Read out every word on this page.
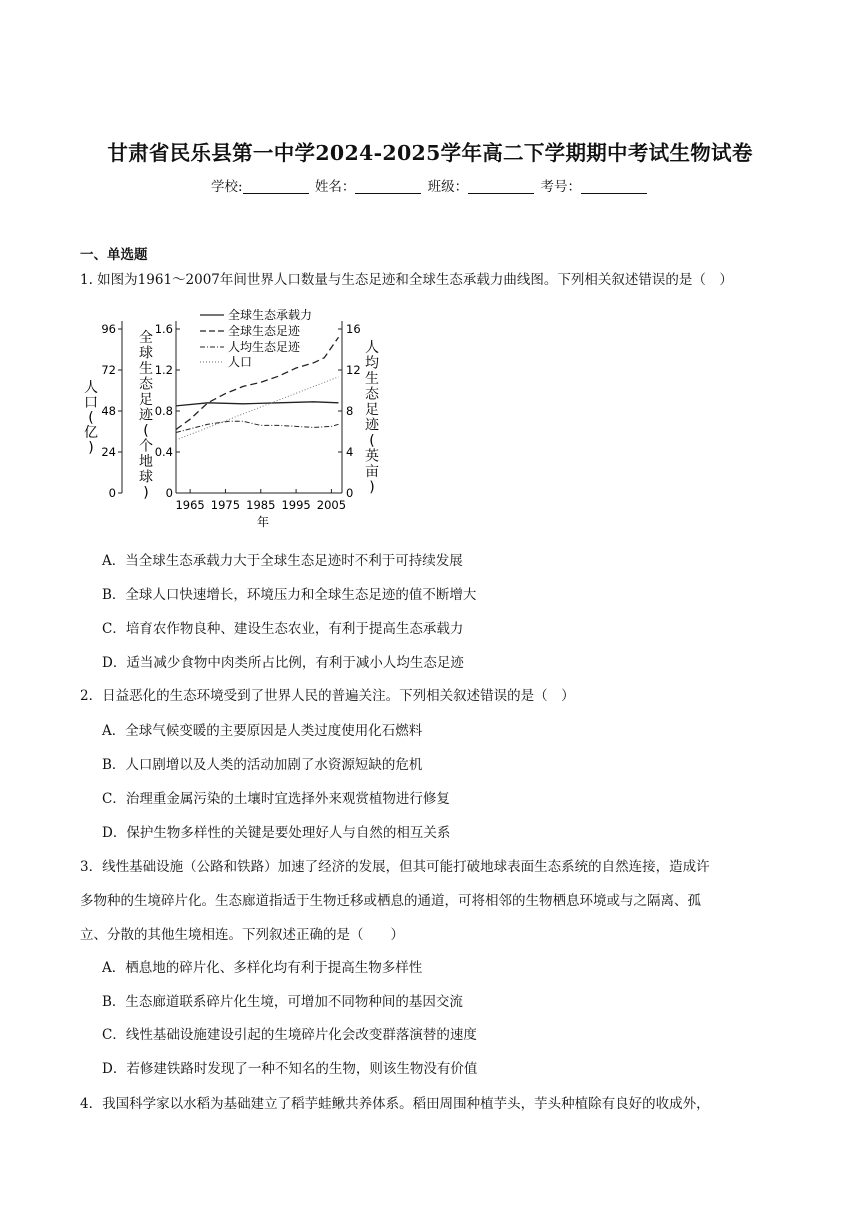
甘肃省民乐县第一中学2024-2025学年高二下学期期中考试生物试卷
学校:	姓名：	班级：	考号：
一、单选题
1. 如图为1961～2007年间世界人口数量与生态足迹和全球生态承载力曲线图。下列相关叙述错误的是（　）
人口(亿)
全球生态足迹(个地球)
人均生态足迹(英亩)
年
全球生态承载力
全球生态足迹
人均生态足迹
人口
0
24
48
72
96
0
0.4
0.8
1.2
1.6
0
4
8
12
16
1965 1975 1985 1995 2005
A．当全球生态承载力大于全球生态足迹时不利于可持续发展
B．全球人口快速增长，环境压力和全球生态足迹的值不断增大
C．培育农作物良种、建设生态农业，有利于提高生态承载力
D．适当减少食物中肉类所占比例，有利于减小人均生态足迹
2．日益恶化的生态环境受到了世界人民的普遍关注。下列相关叙述错误的是（　）
A．全球气候变暖的主要原因是人类过度使用化石燃料
B．人口剧增以及人类的活动加剧了水资源短缺的危机
C．治理重金属污染的土壤时宜选择外来观赏植物进行修复
D．保护生物多样性的关键是要处理好人与自然的相互关系
3．线性基础设施（公路和铁路）加速了经济的发展，但其可能打破地球表面生态系统的自然连接，造成许
多物种的生境碎片化。生态廊道指适于生物迁移或栖息的通道，可将相邻的生物栖息环境或与之隔离、孤
立、分散的其他生境相连。下列叙述正确的是（　　）
A．栖息地的碎片化、多样化均有利于提高生物多样性
B．生态廊道联系碎片化生境，可增加不同物种间的基因交流
C．线性基础设施建设引起的生境碎片化会改变群落演替的速度
D．若修建铁路时发现了一种不知名的生物，则该生物没有价值
4．我国科学家以水稻为基础建立了稻芋蛙鳅共养体系。稻田周围种植芋头，芋头种植除有良好的收成外，
